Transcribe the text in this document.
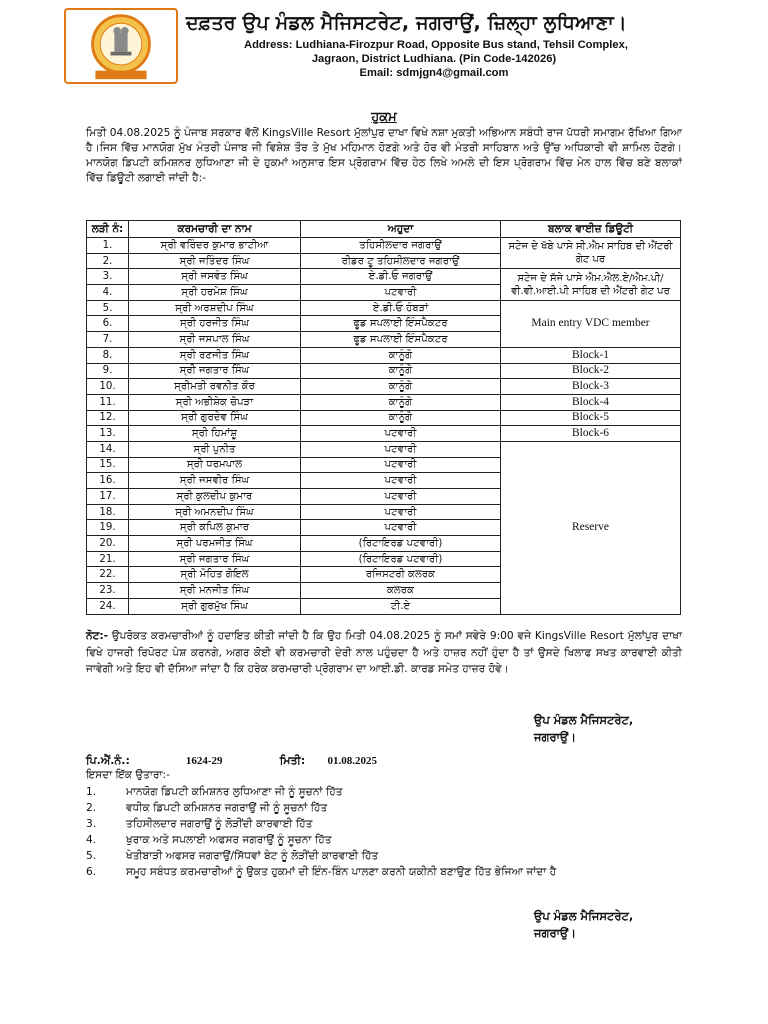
ਦਫ਼ਤਰ ਉਪ ਮੰਡਲ ਮੈਜਿਸਟਰੇਟ, ਜਗਰਾਉਂ, ਜ਼ਿਲ੍ਹਾ ਲੁਧਿਆਣਾ।
Address: Ludhiana-Firozpur Road, Opposite Bus stand, Tehsil Complex,
Jagraon, District Ludhiana. (Pin Code-142026)
Email: sdmjgn4@gmail.com
ਹੁਕਮ
ਮਿਤੀ 04.08.2025 ਨੂੰ ਪੰਜਾਬ ਸਰਕਾਰ ਵੱਲੋਂ KingsVille Resort ਮੁੱਲਾਂਪੁਰ ਦਾਖਾ ਵਿਖੇ ਨਸ਼ਾ ਮੁਕਤੀ ਅਭਿਆਨ ਸਬੰਧੀ ਰਾਜ ਪੱਧਰੀ ਸਮਾਗਮ ਰੱਖਿਆ ਗਿਆ ਹੈ।ਜਿਸ ਵਿੱਚ ਮਾਨਯੋਗ ਮੁੱਖ ਮੰਤਰੀ ਪੰਜਾਬ ਜੀ ਵਿਸ਼ੇਸ਼ ਤੌਰ ਤੇ ਮੁੱਖ ਮਹਿਮਾਨ ਹੋਣਗੇ ਅਤੇ ਹੋਰ ਵੀ ਮੰਤਰੀ ਸਾਹਿਬਾਨ ਅਤੇ ਉੱਚ ਅਧਿਕਾਰੀ ਵੀ ਸ਼ਾਮਿਲ ਹੋਣਗੇ। ਮਾਨਯੋਗ ਡਿਪਟੀ ਕਮਿਸ਼ਨਰ ਲੁਧਿਆਣਾ ਜੀ ਦੇ ਹੁਕਮਾਂ ਅਨੁਸਾਰ ਇਸ ਪ੍ਰੋਗਰਾਮ ਵਿੱਚ ਹੇਠ ਲਿਖੇ ਅਮਲੇ ਦੀ ਇਸ ਪ੍ਰੋਗਰਾਮ ਵਿੱਚ ਮੇਨ ਹਾਲ ਵਿੱਚ ਬਣੇ ਬਲਾਕਾਂ ਵਿੱਚ ਡਿਊਟੀ ਲਗਾਈ ਜਾਂਦੀ ਹੈ:-
ਲੜੀ ਨੰ:	ਕਰਮਚਾਰੀ ਦਾ ਨਾਮ	ਅਹੁਦਾ	ਬਲਾਕ ਵਾਈਜ਼ ਡਿਊਟੀ
1.	ਸ੍ਰੀ ਵਰਿੰਦਰ ਕੁਮਾਰ ਭਾਟੀਆ	ਤਹਿਸੀਲਦਾਰ ਜਗਰਾਉਂ	ਸਟੇਜ ਦੇ ਖੱਬੇ ਪਾਸੇ ਸੀ.ਐਮ ਸਾਹਿਬ ਦੀ ਐਂਟਰੀ ਗੇਟ ਪਰ
2.	ਸ੍ਰੀ ਜਤਿੰਦਰ ਸਿੰਘ	ਰੀਡਰ ਟੂ ਤਹਿਸੀਲਦਾਰ ਜਗਰਾਉਂ	
3.	ਸ੍ਰੀ ਜਸਵੰਤ ਸਿੰਘ	ਏ.ਡੀ.ਓ ਜਗਰਾਉਂ	ਸਟੇਜ ਦੇ ਸੱਜੇ ਪਾਸੇ ਐਮ.ਐਲ.ਏ/ਐਮ.ਪੀ/ਵੀ.ਵੀ.ਆਈ.ਪੀ ਸਾਹਿਬ ਦੀ ਐਂਟਰੀ ਗੇਟ ਪਰ
4.	ਸ੍ਰੀ ਹਰਮੇਸ਼ ਸਿੰਘ	ਪਟਵਾਰੀ	
5.	ਸ੍ਰੀ ਅਰਸ਼ਦੀਪ ਸਿੰਘ	ਏ.ਡੀ.ਓ ਹੰਬੜਾਂ	Main entry VDC member
6.	ਸ੍ਰੀ ਹਰਜੀਤ ਸਿੰਘ	ਫੂਡ ਸਪਲਾਈ ਇੰਸਪੈਕਟਰ	
7.	ਸ੍ਰੀ ਜਸਪਾਲ ਸਿੰਘ	ਫੂਡ ਸਪਲਾਈ ਇੰਸਪੈਕਟਰ	
8.	ਸ੍ਰੀ ਰਣਜੀਤ ਸਿੰਘ	ਕਾਨੂੰਗੋ	Block-1
9.	ਸ੍ਰੀ ਜਗਤਾਰ ਸਿੰਘ	ਕਾਨੂੰਗੋ	Block-2
10.	ਸ੍ਰੀਮਤੀ ਰਵਨੀਤ ਕੌਰ	ਕਾਨੂੰਗੋ	Block-3
11.	ਸ੍ਰੀ ਅਭੀਸ਼ੇਕ ਚੋਪੜਾ	ਕਾਨੂੰਗੋ	Block-4
12.	ਸ੍ਰੀ ਗੁਰਦੇਵ ਸਿੰਘ	ਕਾਨੂੰਗੋ	Block-5
13.	ਸ੍ਰੀ ਹਿਮਾਂਸ਼ੂ	ਪਟਵਾਰੀ	Block-6
14.	ਸ੍ਰੀ ਪੁਨੀਤ	ਪਟਵਾਰੀ	Reserve
15.	ਸ੍ਰੀ ਧਰਮਪਾਲ	ਪਟਵਾਰੀ	
16.	ਸ੍ਰੀ ਜਸਵੀਰ ਸਿੰਘ	ਪਟਵਾਰੀ	
17.	ਸ੍ਰੀ ਕੁਲਦੀਪ ਕੁਮਾਰ	ਪਟਵਾਰੀ	
18.	ਸ੍ਰੀ ਅਮਨਦੀਪ ਸਿੰਘ	ਪਟਵਾਰੀ	
19.	ਸ੍ਰੀ ਕਪਿਲ ਕੁਮਾਰ	ਪਟਵਾਰੀ	
20.	ਸ੍ਰੀ ਪਰਮਜੀਤ ਸਿੰਘ	(ਰਿਟਾਇਰਡ ਪਟਵਾਰੀ)	
21.	ਸ੍ਰੀ ਜਗਤਾਰ ਸਿੰਘ	(ਰਿਟਾਇਰਡ ਪਟਵਾਰੀ)	
22.	ਸ੍ਰੀ ਮੋਹਿਤ ਗੋਇਲ	ਰਜਿਸਟਰੀ ਕਲਰਕ	
23.	ਸ੍ਰੀ ਮਨਜੀਤ ਸਿੰਘ	ਕਲਰਕ	
24.	ਸ੍ਰੀ ਗੁਰਮੁੱਖ ਸਿੰਘ	ਟੀ.ਏ	
ਨੋਟ:- ਉਪਰੋਕਤ ਕਰਮਚਾਰੀਆਂ ਨੂੰ ਹਦਾਇਤ ਕੀਤੀ ਜਾਂਦੀ ਹੈ ਕਿ ਉਹ ਮਿਤੀ 04.08.2025 ਨੂੰ ਸਮਾਂ ਸਵੇਰੇ 9:00 ਵਜੇ KingsVille Resort ਮੁੱਲਾਂਪੁਰ ਦਾਖਾ ਵਿਖੇ ਹਾਜਰੀ ਰਿਪੋਰਟ ਪੇਸ਼ ਕਰਨਗੇ, ਅਗਰ ਕੋਈ ਵੀ ਕਰਮਚਾਰੀ ਦੇਰੀ ਨਾਲ ਪਹੁੰਚਦਾ ਹੈ ਅਤੇ ਹਾਜ਼ਰ ਨਹੀਂ ਹੁੰਦਾ ਹੈ ਤਾਂ ਉਸਦੇ ਖਿਲਾਫ ਸਖਤ ਕਾਰਵਾਈ ਕੀਤੀ ਜਾਵੇਗੀ ਅਤੇ ਇਹ ਵੀ ਦੱਸਿਆ ਜਾਂਦਾ ਹੈ ਕਿ ਹਰੇਕ ਕਰਮਚਾਰੀ ਪ੍ਰੋਗਰਾਮ ਦਾ ਆਈ.ਡੀ. ਕਾਰਡ ਸਮੇਤ ਹਾਜ਼ਰ ਹੋਵੇ।
ਉਪ ਮੰਡਲ ਮੈਜਿਸਟਰੇਟ,
ਜਗਰਾਉਂ।
ਪਿ.ਐਂ.ਨੰ.:	1624-29	ਮਿਤੀ: 01.08.2025
ਇਸਦਾ ਇੱਕ ਉਤਾਰਾ:-
1.	ਮਾਨਯੋਗ ਡਿਪਟੀ ਕਮਿਸ਼ਨਰ ਲੁਧਿਆਣਾ ਜੀ ਨੂੰ ਸੂਚਨਾਂ ਹਿੱਤ
2.	ਵਧੀਕ ਡਿਪਟੀ ਕਮਿਸ਼ਨਰ ਜਗਰਾਉਂ ਜੀ ਨੂੰ ਸੂਚਨਾਂ ਹਿੱਤ
3.	ਤਹਿਸੀਲਦਾਰ ਜਗਰਾਉਂ ਨੂੰ ਲੋੜੀਂਦੀ ਕਾਰਵਾਈ ਹਿੱਤ
4.	ਖੁਰਾਕ ਅਤੇ ਸਪਲਾਈ ਅਫਸਰ ਜਗਰਾਉਂ ਨੂੰ ਸੂਚਨਾ ਹਿੱਤ
5.	ਖੇਤੀਬਾੜੀ ਅਫਸਰ ਜਗਰਾਉਂ/ਸਿੱਧਵਾਂ ਬੇਟ ਨੂੰ ਲੋੜੀਂਦੀ ਕਾਰਵਾਈ ਹਿੱਤ
6.	ਸਮੂਹ ਸਬੰਧਤ ਕਰਮਚਾਰੀਆਂ ਨੂੰ ਉਕਤ ਹੁਕਮਾਂ ਦੀ ਇੰਨ-ਬਿੰਨ ਪਾਲਣਾ ਕਰਨੀ ਯਕੀਨੀ ਬਣਾਉਣ ਹਿੱਤ ਭੇਜਿਆ ਜਾਂਦਾ ਹੈ
ਉਪ ਮੰਡਲ ਮੈਜਿਸਟਰੇਟ,
ਜਗਰਾਉਂ।
